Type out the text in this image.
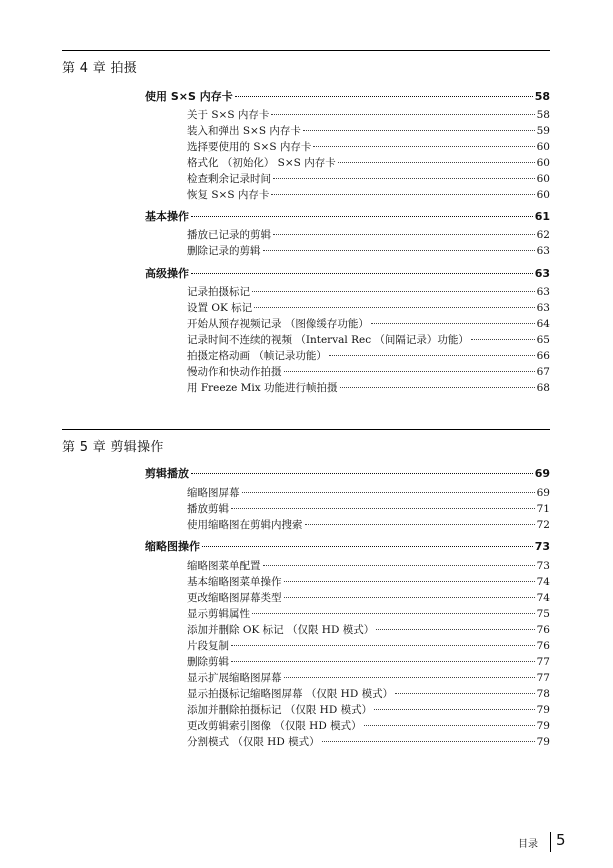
第 4 章 拍摄
使用 S×S 内存卡	58
关于 S×S 内存卡	58
装入和弹出 S×S 内存卡	59
选择要使用的 S×S 内存卡	60
格式化 （初始化） S×S 内存卡	60
检查剩余记录时间	60
恢复 S×S 内存卡	60
基本操作	61
播放已记录的剪辑	62
删除记录的剪辑	63
高级操作	63
记录拍摄标记	63
设置 OK 标记	63
开始从预存视频记录 （图像缓存功能）	64
记录时间不连续的视频 （Interval Rec （间隔记录）功能）	65
拍摄定格动画 （帧记录功能）	66
慢动作和快动作拍摄	67
用 Freeze Mix 功能进行帧拍摄	68
第 5 章 剪辑操作
剪辑播放	69
缩略图屏幕	69
播放剪辑	71
使用缩略图在剪辑内搜索	72
缩略图操作	73
缩略图菜单配置	73
基本缩略图菜单操作	74
更改缩略图屏幕类型	74
显示剪辑属性	75
添加并删除 OK 标记 （仅限 HD 模式）	76
片段复制	76
删除剪辑	77
显示扩展缩略图屏幕	77
显示拍摄标记缩略图屏幕 （仅限 HD 模式）	78
添加并删除拍摄标记 （仅限 HD 模式）	79
更改剪辑索引图像 （仅限 HD 模式）	79
分割模式 （仅限 HD 模式）	79
目录 5
